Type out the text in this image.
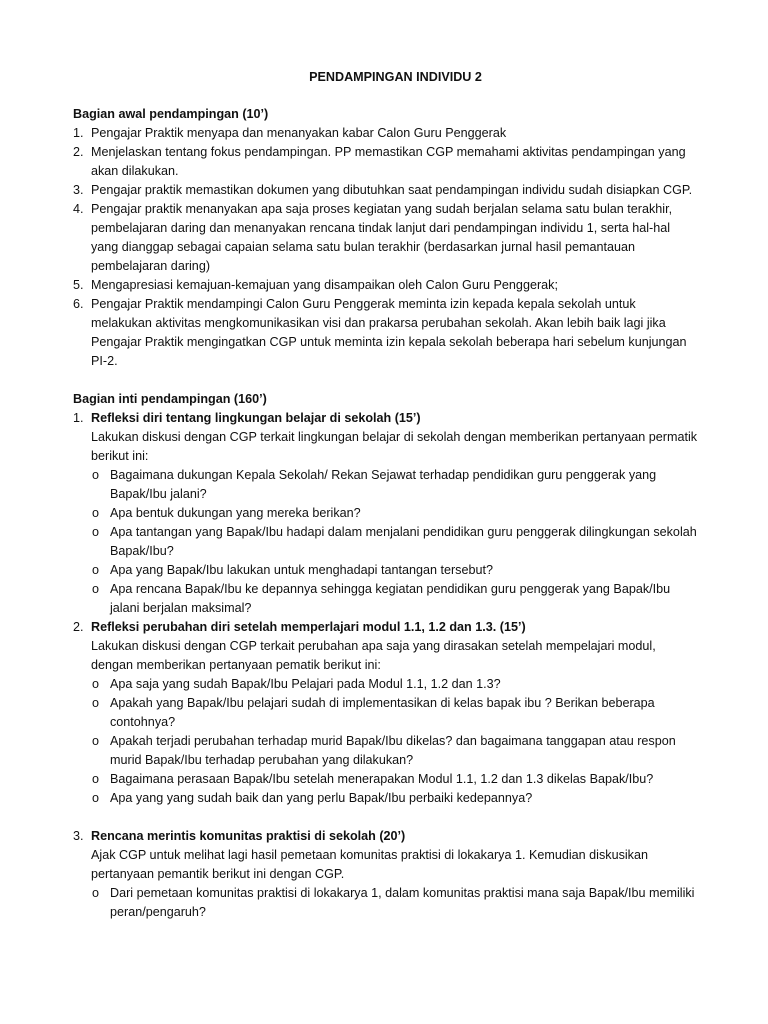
PENDAMPINGAN INDIVIDU 2
Bagian awal pendampingan (10’)
1. Pengajar Praktik menyapa dan menanyakan kabar Calon Guru Penggerak
2. Menjelaskan tentang fokus pendampingan. PP memastikan CGP memahami aktivitas pendampingan yang akan dilakukan.
3. Pengajar praktik memastikan dokumen yang dibutuhkan saat pendampingan individu sudah disiapkan CGP.
4. Pengajar praktik menanyakan apa saja proses kegiatan yang sudah berjalan selama satu bulan terakhir, pembelajaran daring dan menanyakan rencana tindak lanjut dari pendampingan individu 1, serta hal-hal yang dianggap sebagai capaian selama satu bulan terakhir (berdasarkan jurnal hasil pemantauan pembelajaran daring)
5. Mengapresiasi kemajuan-kemajuan yang disampaikan oleh Calon Guru Penggerak;
6. Pengajar Praktik mendampingi Calon Guru Penggerak meminta izin kepada kepala sekolah untuk melakukan aktivitas mengkomunikasikan visi dan prakarsa perubahan sekolah. Akan lebih baik lagi jika Pengajar Praktik mengingatkan CGP untuk meminta izin kepala sekolah beberapa hari sebelum kunjungan PI-2.
Bagian inti pendampingan (160’)
1. Refleksi diri tentang lingkungan belajar di sekolah (15’)
Lakukan diskusi dengan CGP terkait lingkungan belajar di sekolah dengan memberikan pertanyaan permatik berikut ini:
o Bagaimana dukungan Kepala Sekolah/ Rekan Sejawat terhadap pendidikan guru penggerak yang Bapak/Ibu jalani?
o Apa bentuk dukungan yang mereka berikan?
o Apa tantangan yang Bapak/Ibu hadapi dalam menjalani pendidikan guru penggerak dilingkungan sekolah Bapak/Ibu?
o Apa yang Bapak/Ibu lakukan untuk menghadapi tantangan tersebut?
o Apa rencana Bapak/Ibu ke depannya sehingga kegiatan pendidikan guru penggerak yang Bapak/Ibu jalani berjalan maksimal?
2. Refleksi perubahan diri setelah memperlajari modul 1.1, 1.2 dan 1.3. (15’)
Lakukan diskusi dengan CGP terkait perubahan apa saja yang dirasakan setelah mempelajari modul, dengan memberikan pertanyaan pematik berikut ini:
o Apa saja yang sudah Bapak/Ibu Pelajari pada Modul 1.1, 1.2 dan 1.3?
o Apakah yang Bapak/Ibu pelajari sudah di implementasikan di kelas bapak ibu ? Berikan beberapa contohnya?
o Apakah terjadi perubahan terhadap murid Bapak/Ibu dikelas? dan bagaimana tanggapan atau respon murid Bapak/Ibu terhadap perubahan yang dilakukan?
o Bagaimana perasaan Bapak/Ibu setelah menerapakan Modul 1.1, 1.2 dan 1.3 dikelas Bapak/Ibu?
o Apa yang yang sudah baik dan yang perlu Bapak/Ibu perbaiki kedepannya?
3. Rencana merintis komunitas praktisi di sekolah (20’)
Ajak CGP untuk melihat lagi hasil pemetaan komunitas praktisi di lokakarya 1. Kemudian diskusikan pertanyaan pemantik berikut ini dengan CGP.
o Dari pemetaan komunitas praktisi di lokakarya 1, dalam komunitas praktisi mana saja Bapak/Ibu memiliki peran/pengaruh?
